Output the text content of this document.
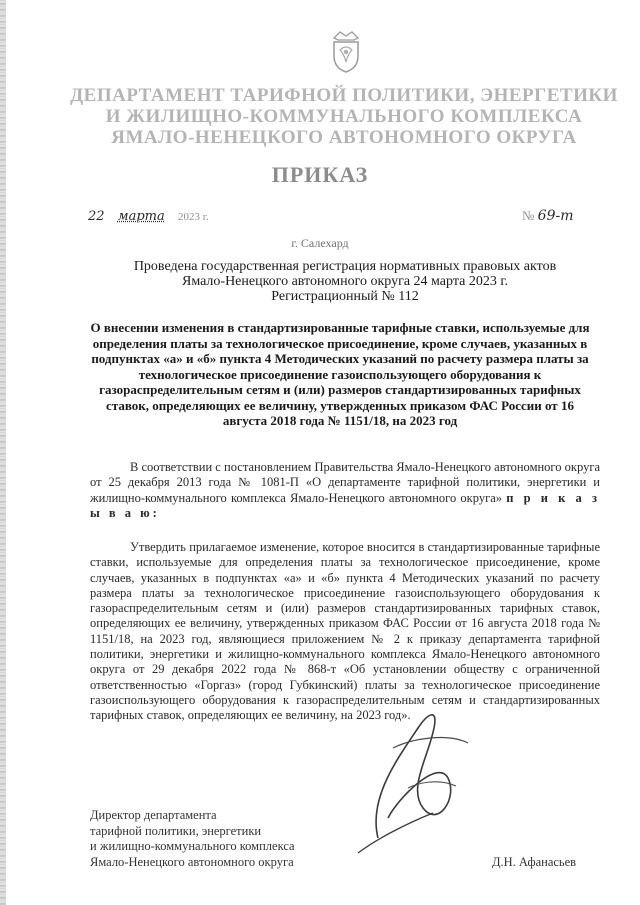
ДЕПАРТАМЕНТ ТАРИФНОЙ ПОЛИТИКИ, ЭНЕРГЕТИКИ
И ЖИЛИЩНО-КОММУНАЛЬНОГО КОМПЛЕКСА
ЯМАЛО-НЕНЕЦКОГО АВТОНОМНОГО ОКРУГА
ПРИКАЗ
22 марта 2023 г.	№ 69-т
г. Салехард
Проведена государственная регистрация нормативных правовых актов
Ямало-Ненецкого автономного округа 24 марта 2023 г.
Регистрационный № 112
О внесении изменения в стандартизированные тарифные ставки, используемые для определения платы за технологическое присоединение, кроме случаев, указанных в подпунктах «а» и «б» пункта 4 Методических указаний по расчету размера платы за технологическое присоединение газоиспользующего оборудования к газораспределительным сетям и (или) размеров стандартизированных тарифных ставок, определяющих ее величину, утвержденных приказом ФАС России от 16 августа 2018 года № 1151/18, на 2023 год
В соответствии с постановлением Правительства Ямало-Ненецкого автономного округа от 25 декабря 2013 года № 1081-П «О департаменте тарифной политики, энергетики и жилищно-коммунального комплекса Ямало-Ненецкого автономного округа» п р и к а з ы в а ю:
Утвердить прилагаемое изменение, которое вносится в стандартизированные тарифные ставки, используемые для определения платы за технологическое присоединение, кроме случаев, указанных в подпунктах «а» и «б» пункта 4 Методических указаний по расчету размера платы за технологическое присоединение газоиспользующего оборудования к газораспределительным сетям и (или) размеров стандартизированных тарифных ставок, определяющих ее величину, утвержденных приказом ФАС России от 16 августа 2018 года № 1151/18, на 2023 год, являющиеся приложением № 2 к приказу департамента тарифной политики, энергетики и жилищно-коммунального комплекса Ямало-Ненецкого автономного округа от 29 декабря 2022 года № 868-т «Об установлении обществу с ограниченной ответственностью «Горгаз» (город Губкинский) платы за технологическое присоединение газоиспользующего оборудования к газораспределительным сетям и стандартизированных тарифных ставок, определяющих ее величину, на 2023 год».
Директор департамента
тарифной политики, энергетики
и жилищно-коммунального комплекса
Ямало-Ненецкого автономного округа	Д.Н. Афанасьев
